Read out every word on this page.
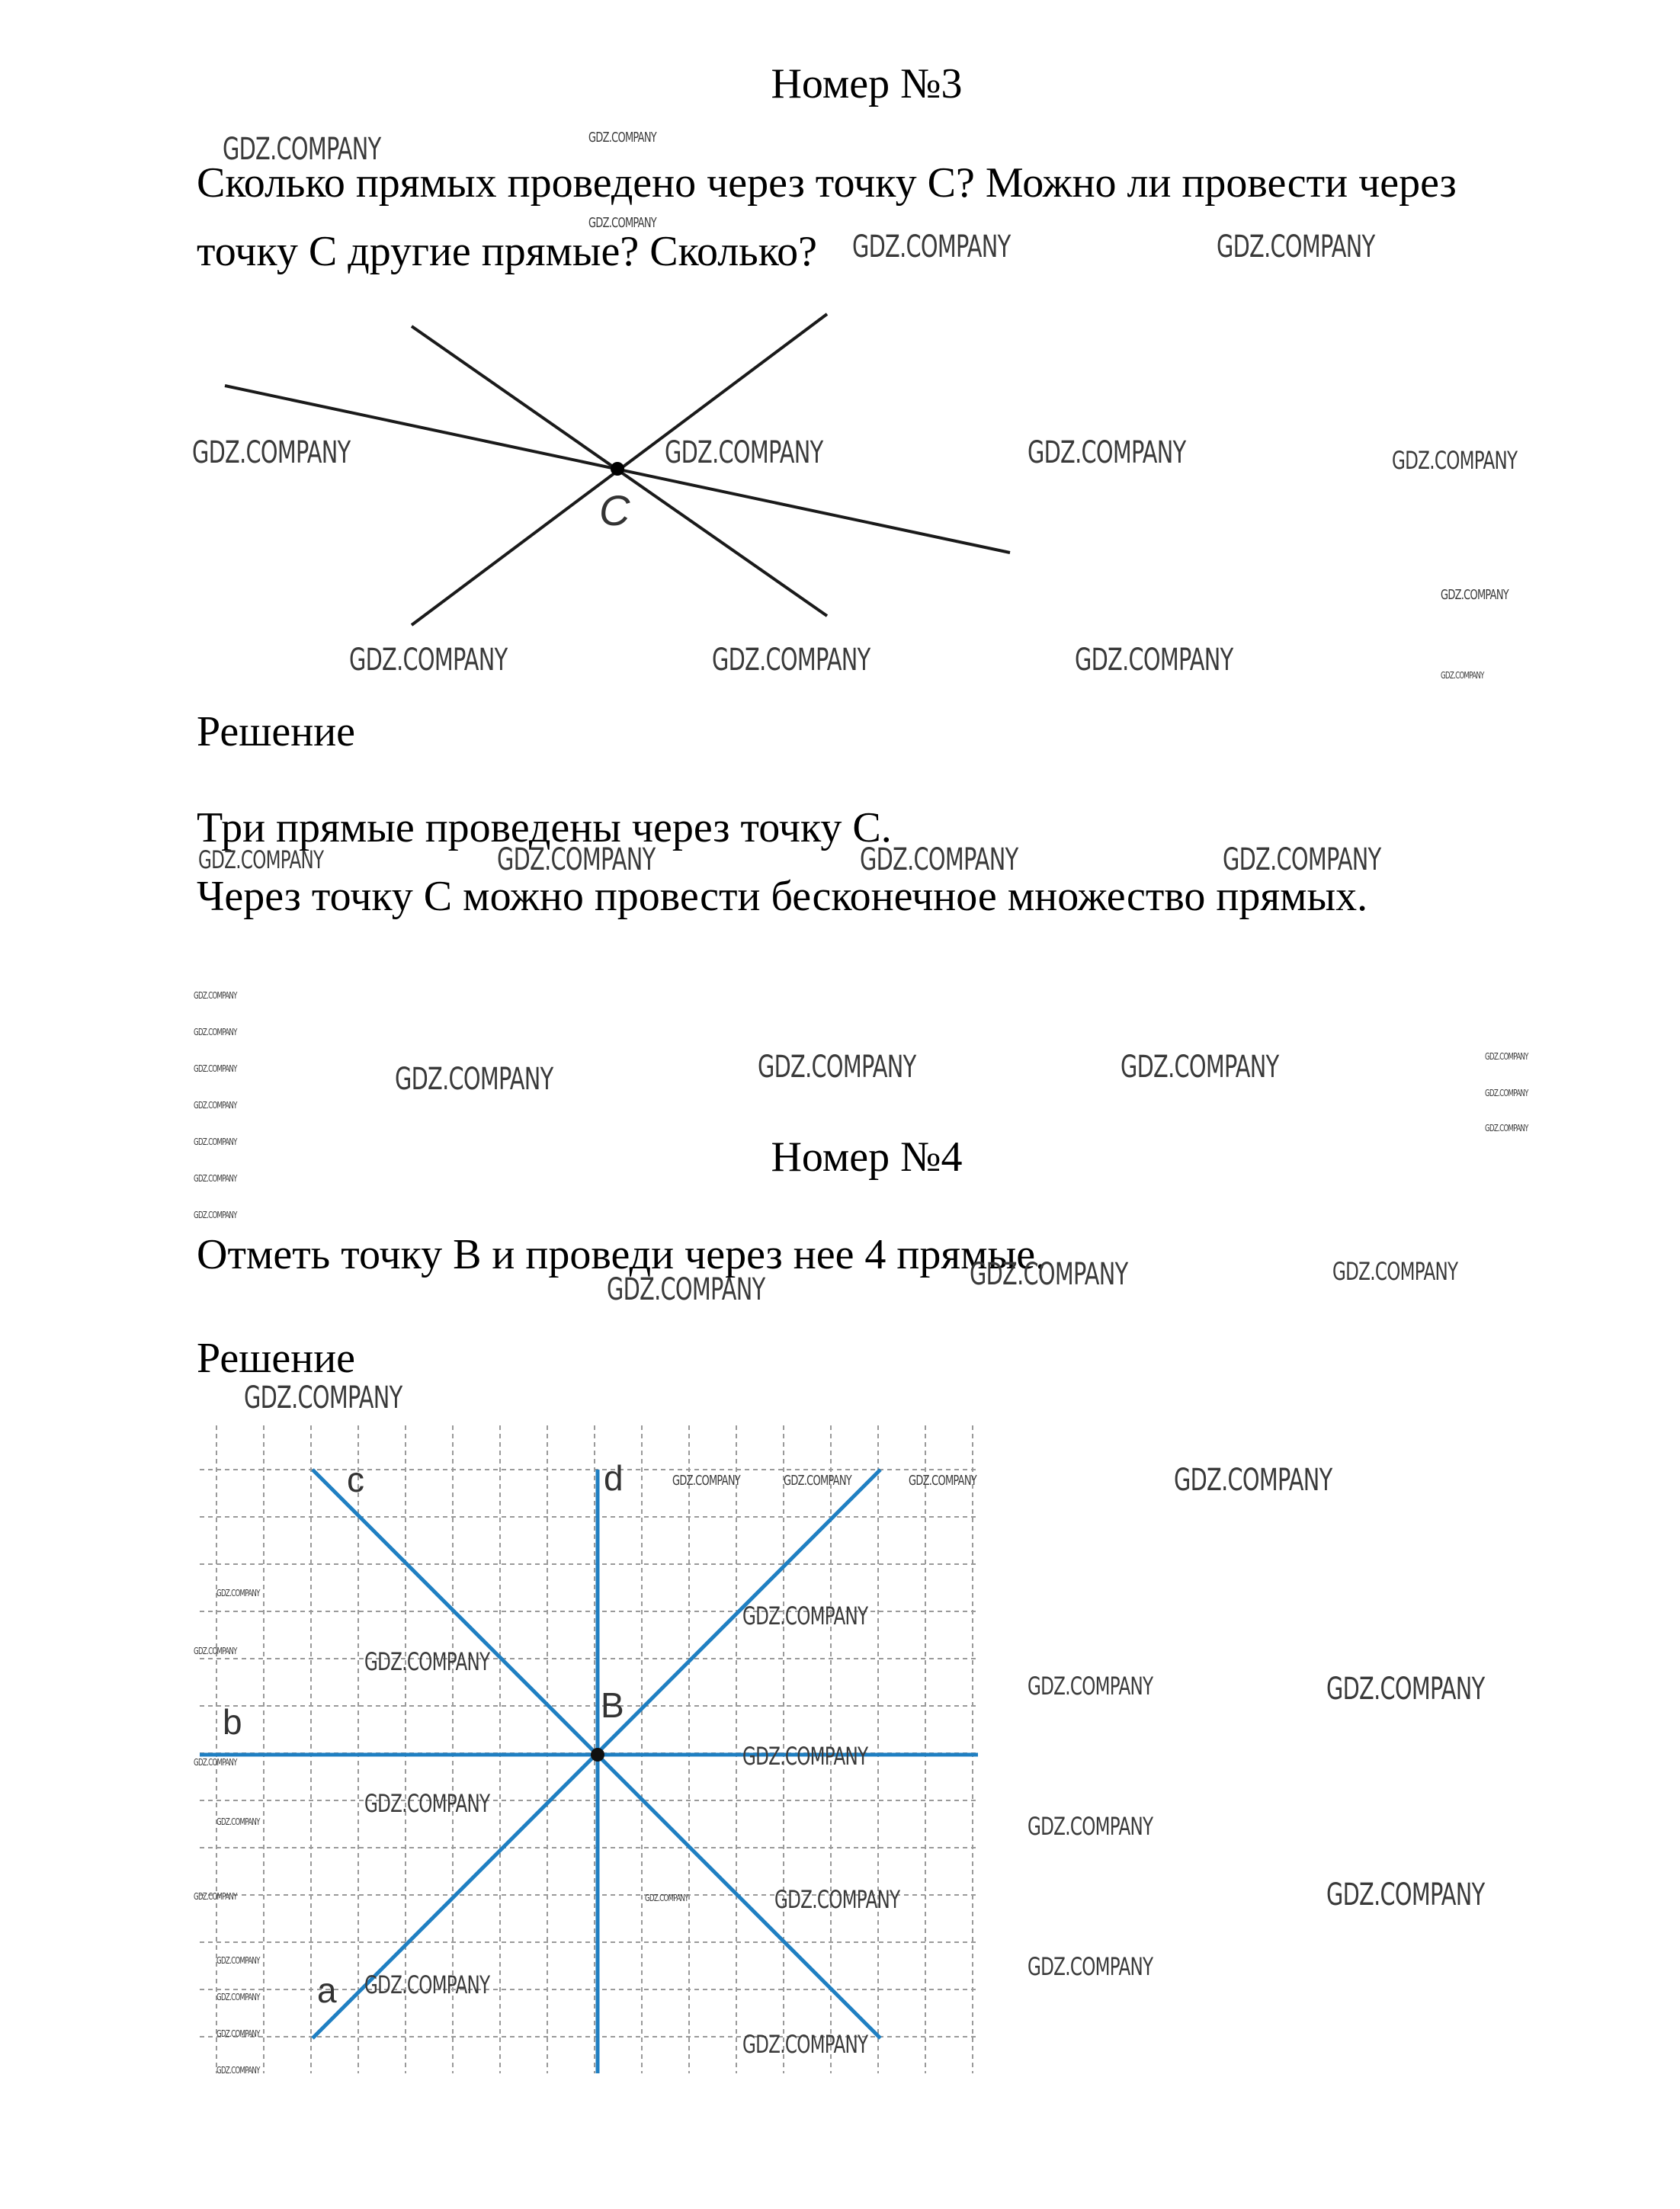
Номер №3
Сколько прямых проведено через точку С? Можно ли провести через
точку С другие прямые? Сколько?
C
Решение
Три прямые проведены через точку С.
Через точку С можно провести бесконечное множество прямых.
Номер №4
Отметь точку В и проведи через нее 4 прямые.
Решение
c	d
b	B
a
GDZ.COMPANY	GDZ.COMPANY
GDZ.COMPANY
GDZ.COMPANY	GDZ.COMPANY
GDZ.COMPANY	GDZ.COMPANY	GDZ.COMPANY	GDZ.COMPANY
GDZ.COMPANY
GDZ.COMPANY	GDZ.COMPANY	GDZ.COMPANY	GDZ.COMPANY
GDZ.COMPANY	GDZ.COMPANY	GDZ.COMPANY	GDZ.COMPANY
GDZ.COMPANY
GDZ.COMPANY
GDZ.COMPANY
GDZ.COMPANY
GDZ.COMPANY
GDZ.COMPANY
GDZ.COMPANY
GDZ.COMPANY	GDZ.COMPANY	GDZ.COMPANY	GDZ.COMPANY
GDZ.COMPANY
GDZ.COMPANY
GDZ.COMPANY	GDZ.COMPANY	GDZ.COMPANY
GDZ.COMPANY
GDZ.COMPANY	GDZ.COMPANY	GDZ.COMPANY	GDZ.COMPANY
GDZ.COMPANY
GDZ.COMPANY
GDZ.COMPANY
GDZ.COMPANY
GDZ.COMPANY	GDZ.COMPANY
GDZ.COMPANY	GDZ.COMPANY
GDZ.COMPANY
GDZ.COMPANY	GDZ.COMPANY
GDZ.COMPANY	GDZ.COMPANY	GDZ.COMPANY	GDZ.COMPANY
GDZ.COMPANY
GDZ.COMPANY
GDZ.COMPANY
GDZ.COMPANY
GDZ.COMPANY	GDZ.COMPANY
GDZ.COMPANY
